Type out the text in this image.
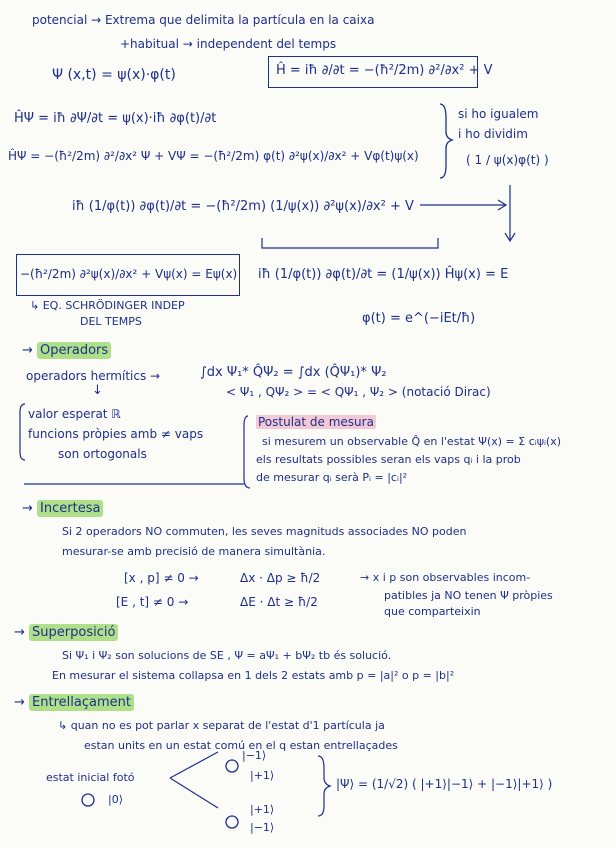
potencial → Extrema que delimita la partícula en la caixa
+habitual → independent del temps
Ψ (x,t) = ψ(x)·φ(t)	Ĥ = iħ ∂/∂t = −(ħ²/2m) ∂²/∂x² + V
ĤΨ = iħ ∂Ψ/∂t = ψ(x)·iħ ∂φ(t)/∂t	si ho igualem
i ho dividim
( 1 / ψ(x)φ(t) )
ĤΨ = −(ħ²/2m) ∂²/∂x² Ψ + VΨ = −(ħ²/2m) φ(t) ∂²ψ(x)/∂x² + Vφ(t)ψ(x)
iħ (1/φ(t)) ∂φ(t)/∂t = −(ħ²/2m) (1/ψ(x)) ∂²ψ(x)/∂x² + V
−(ħ²/2m) ∂²ψ(x)/∂x² + Vψ(x) = Eψ(x) iħ (1/φ(t)) ∂φ(t)/∂t = (1/ψ(x)) Ĥψ(x) = E
↳ EQ. SCHRÖDINGER INDEP
DEL TEMPS	φ(t) = e^(−iEt/ħ)
→ Operadors
operadors hermítics →	∫dx Ψ₁* Q̂Ψ₂ = ∫dx (Q̂Ψ₁)* Ψ₂
< Ψ₁ , QΨ₂ > = < QΨ₁ , Ψ₂ > (notació Dirac)
↓
valor esperat ℝ
funcions pròpies amb ≠ vaps
son ortogonals
Postulat de mesura
si mesurem un observable Q̂ en l'estat Ψ(x) = Σ cᵢψᵢ(x)
els resultats possibles seran els vaps qᵢ i la prob
de mesurar qᵢ serà Pᵢ = |cᵢ|²
→ Incertesa
Si 2 operadors NO commuten, les seves magnituds associades NO poden
mesurar-se amb precisió de manera simultània.
[x , p] ≠ 0 →	Δx · Δp ≥ ħ/2
[E , t] ≠ 0 →	ΔE · Δt ≥ ħ/2
→ x i p son observables incom-
patibles ja NO tenen Ψ pròpies
que comparteixin
→ Superposició
Si Ψ₁ i Ψ₂ son solucions de SE , Ψ = aΨ₁ + bΨ₂ tb és solució.
En mesurar el sistema collapsa en 1 dels 2 estats amb p = |a|² o p = |b|²
→ Entrellaçament
↳ quan no es pot parlar x separat de l'estat d'1 partícula ja
estan units en un estat comú en el q estan entrellaçades
estat inicial fotó
|0⟩
|−1⟩
|+1⟩
|+1⟩
|−1⟩
|Ψ⟩ = (1/√2) ( |+1⟩|−1⟩ + |−1⟩|+1⟩ )
